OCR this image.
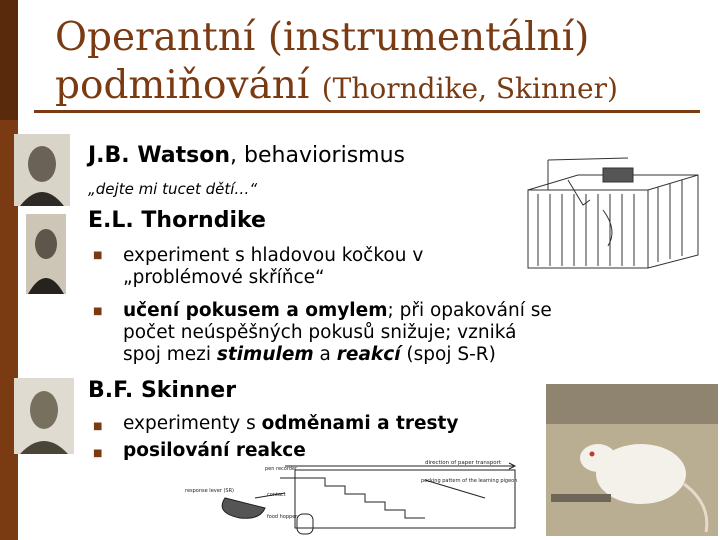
Operantní (instrumentální)
podmiňování (Thorndike, Skinner)
J.B. Watson, behaviorismus
„dejte mi tucet dětí…“
E.L. Thorndike
■ experiment s hladovou kočkou v
„problémové skříňce“
■ učení pokusem a omylem; při opakování se
počet neúspěšných pokusů snižuje; vzniká
spoj mezi stimulem a reakcí (spoj S-R)
B.F. Skinner
■ experimenty s odměnami a tresty
■ posilování reakce
direction of paper transport
pen recorder
response lever (SR)
contact
food hopper
pecking pattern of the learning pigeon
